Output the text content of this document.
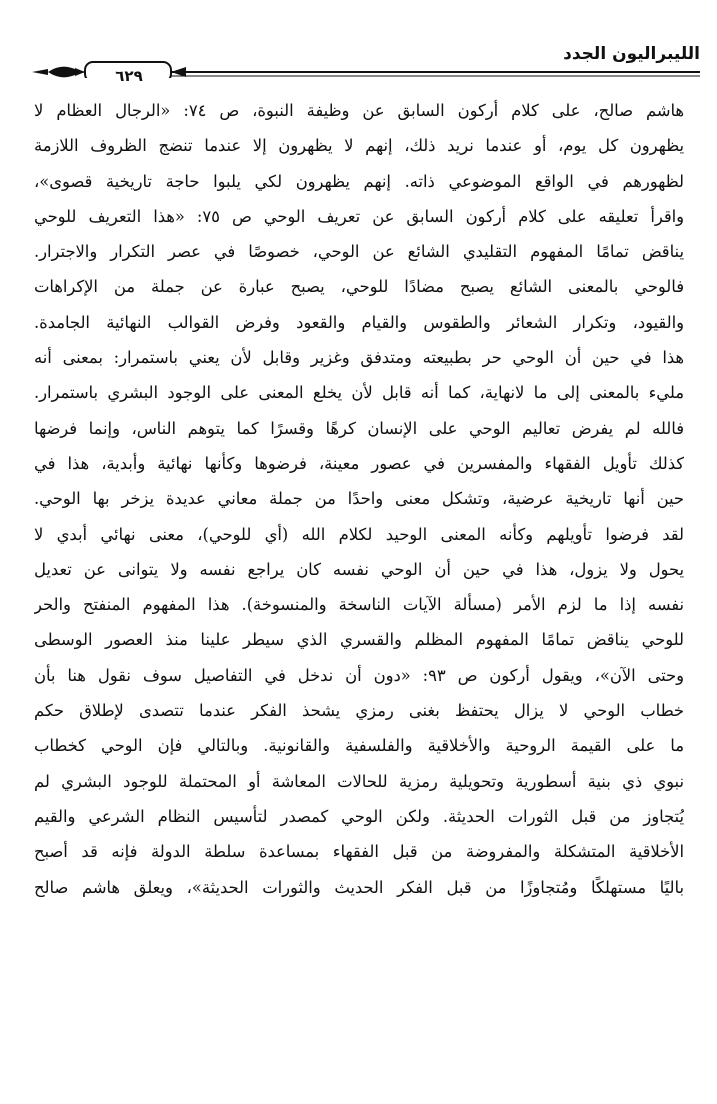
٦٢٩
الليبراليون الجدد
هاشم صالح، على كلام أركون السابق عن وظيفة النبوة، ص ٧٤: «الرجال العظام لا
يظهرون كل يوم، أو عندما نريد ذلك، إنهم لا يظهرون إلا عندما تنضج الظروف اللازمة
لظهورهم في الواقع الموضوعي ذاته. إنهم يظهرون لكي يلبوا حاجة تاريخية قصوى»،
واقرأ تعليقه على كلام أركون السابق عن تعريف الوحي ص ٧٥: «هذا التعريف للوحي
يناقض تمامًا المفهوم التقليدي الشائع عن الوحي، خصوصًا في عصر التكرار والاجترار.
فالوحي بالمعنى الشائع يصبح مضادًا للوحي، يصبح عبارة عن جملة من الإكراهات
والقيود، وتكرار الشعائر والطقوس والقيام والقعود وفرض القوالب النهائية الجامدة.
هذا في حين أن الوحي حر بطبيعته ومتدفق وغزير وقابل لأن يعني باستمرار: بمعنى أنه
مليء بالمعنى إلى ما لانهاية، كما أنه قابل لأن يخلع المعنى على الوجود البشري باستمرار.
فالله لم يفرض تعاليم الوحي على الإنسان كرهًا وقسرًا كما يتوهم الناس، وإنما فرضها
كذلك تأويل الفقهاء والمفسرين في عصور معينة، فرضوها وكأنها نهائية وأبدية، هذا في
حين أنها تاريخية عرضية، وتشكل معنى واحدًا من جملة معاني عديدة يزخر بها الوحي.
لقد فرضوا تأويلهم وكأنه المعنى الوحيد لكلام الله (أي للوحي)، معنى نهائي أبدي لا
يحول ولا يزول، هذا في حين أن الوحي نفسه كان يراجع نفسه ولا يتوانى عن تعديل
نفسه إذا ما لزم الأمر (مسألة الآيات الناسخة والمنسوخة). هذا المفهوم المنفتح والحر
للوحي يناقض تمامًا المفهوم المظلم والقسري الذي سيطر علينا منذ العصور الوسطى
وحتى الآن»، ويقول أركون ص ٩٣: «دون أن ندخل في التفاصيل سوف نقول هنا بأن
خطاب الوحي لا يزال يحتفظ بغنى رمزي يشحذ الفكر عندما تتصدى لإطلاق حكم
ما على القيمة الروحية والأخلاقية والفلسفية والقانونية. وبالتالي فإن الوحي كخطاب
نبوي ذي بنية أسطورية وتحويلية رمزية للحالات المعاشة أو المحتملة للوجود البشري لم
يُتجاوز من قبل الثورات الحديثة. ولكن الوحي كمصدر لتأسيس النظام الشرعي والقيم
الأخلاقية المتشكلة والمفروضة من قبل الفقهاء بمساعدة سلطة الدولة فإنه قد أصبح
باليًا مستهلكًا ومُتجاوزًا من قبل الفكر الحديث والثورات الحديثة»، ويعلق هاشم صالح
